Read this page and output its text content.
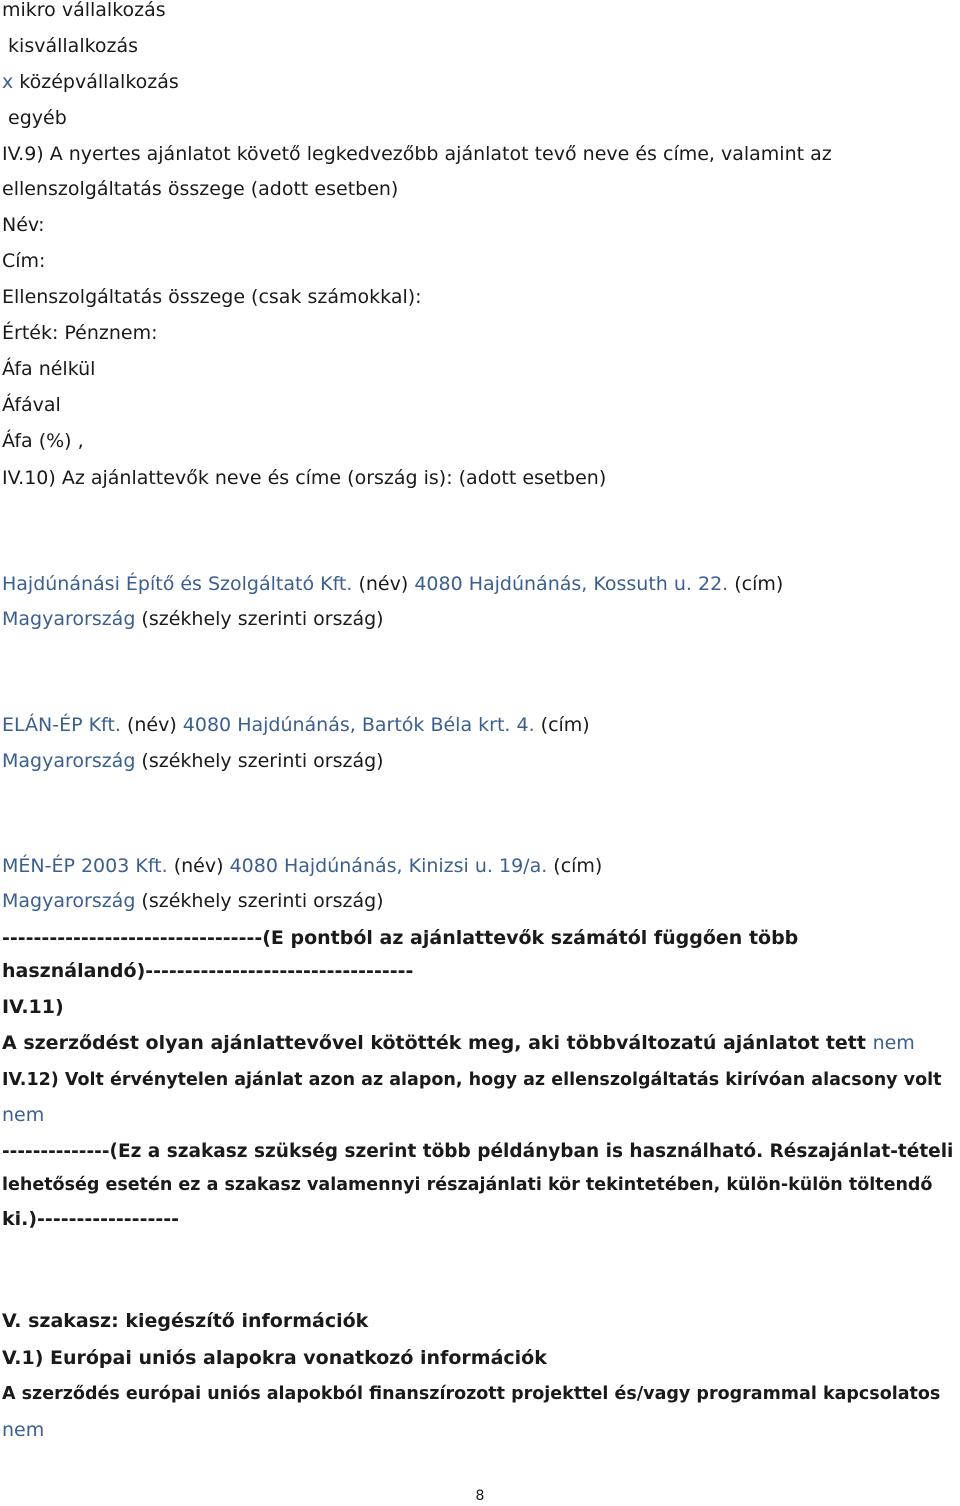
mikro vállalkozás
kisvállalkozás
x középvállalkozás
egyéb
IV.9) A nyertes ajánlatot követő legkedvezőbb ajánlatot tevő neve és címe, valamint az
ellenszolgáltatás összege (adott esetben)
Név:
Cím:
Ellenszolgáltatás összege (csak számokkal):
Érték: Pénznem:
Áfa nélkül
Áfával
Áfa (%) ,
IV.10) Az ajánlattevők neve és címe (ország is): (adott esetben)
Hajdúnánási Építő és Szolgáltató Kft. (név) 4080 Hajdúnánás, Kossuth u. 22. (cím)
Magyarország (székhely szerinti ország)
ELÁN-ÉP Kft. (név) 4080 Hajdúnánás, Bartók Béla krt. 4. (cím)
Magyarország (székhely szerinti ország)
MÉN-ÉP 2003 Kft. (név) 4080 Hajdúnánás, Kinizsi u. 19/a. (cím)
Magyarország (székhely szerinti ország)
---------------------------------(E pontból az ajánlattevők számától függően több
használandó)----------------------------------
IV.11)
A szerződést olyan ajánlattevővel kötötték meg, aki többváltozatú ajánlatot tett nem
IV.12) Volt érvénytelen ajánlat azon az alapon, hogy az ellenszolgáltatás kirívóan alacsony volt
nem
--------------(Ez a szakasz szükség szerint több példányban is használható. Részajánlat-tételi
lehetőség esetén ez a szakasz valamennyi részajánlati kör tekintetében, külön-külön töltendő
ki.)------------------
V. szakasz: kiegészítő információk
V.1) Európai uniós alapokra vonatkozó információk
A szerződés európai uniós alapokból finanszírozott projekttel és/vagy programmal kapcsolatos
nem
8
